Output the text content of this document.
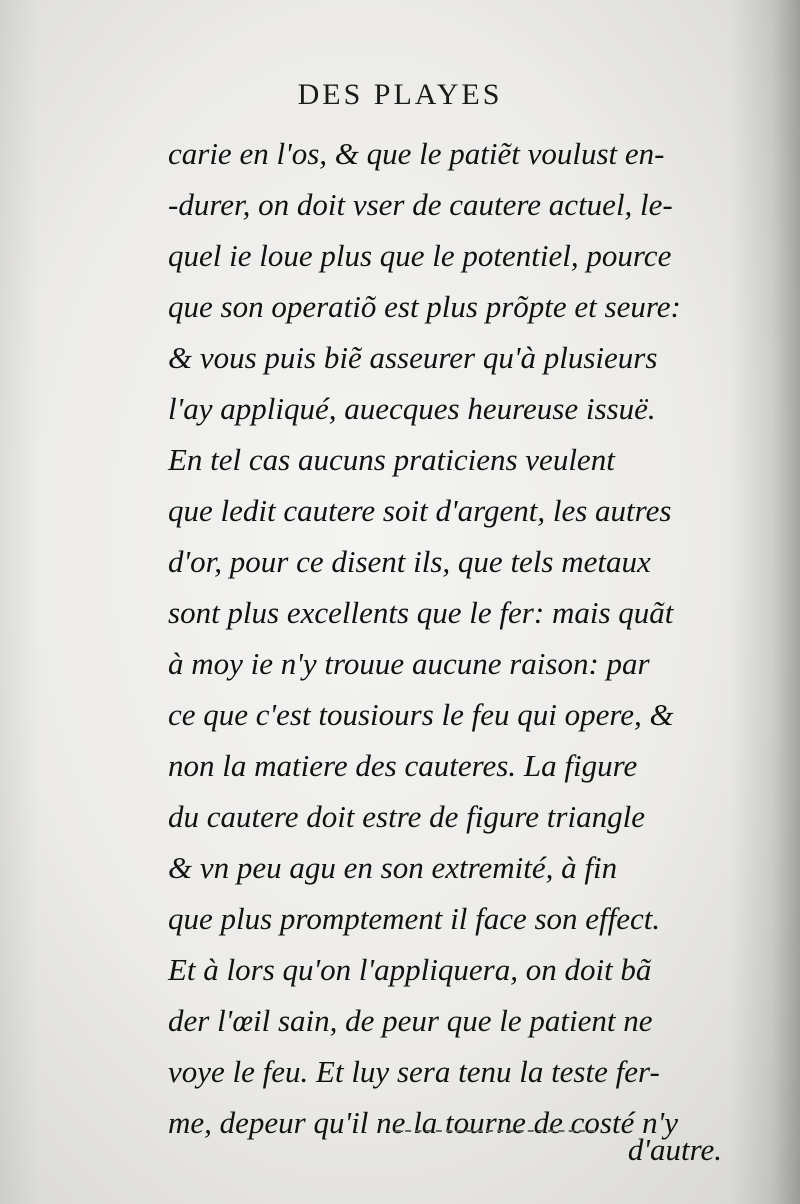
DES PLAYES
carie en l'os, & que le patiẽt voulust en-
-durer, on doit vser de cautere actuel, le-
quel ie loue plus que le potentiel, pource
que son operatiõ est plus prõpte et seure:
& vous puis biẽ asseurer qu'à plusieurs
l'ay appliqué, auecques heureuse issuë.
En tel cas aucuns praticiens veulent
que ledit cautere soit d'argent, les autres
d'or, pour ce disent ils, que tels metaux
sont plus excellents que le fer: mais quãt
à moy ie n'y trouue aucune raison: par
ce que c'est tousiours le feu qui opere, &
non la matiere des cauteres. La figure
du cautere doit estre de figure triangle
& vn peu agu en son extremité, à fin
que plus promptement il face son effect.
Et à lors qu'on l'appliquera, on doit bã
der l'œil sain, de peur que le patient ne
voye le feu. Et luy sera tenu la teste fer-
me, depeur qu'il ne la tourne de costé n'y
d'autre.
